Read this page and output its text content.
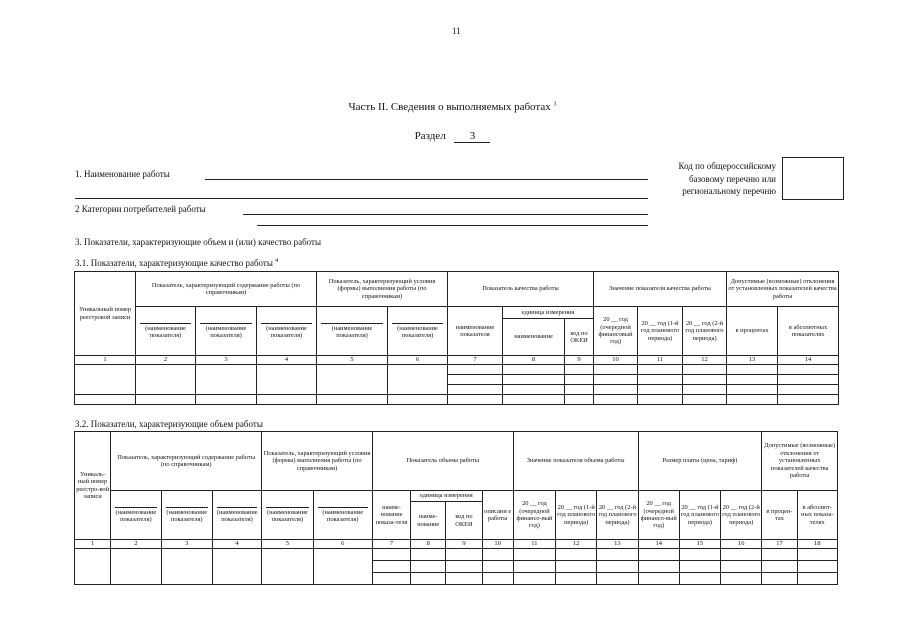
11
Часть II. Сведения о выполняемых работах $^3$
Раздел 3
1. Наименование работы
Код по общероссийскому
базовому перечню или
региональному перечню
2 Категории потребителей работы
3. Показатели, характеризующие объем и (или) качество работы
3.1. Показатели, характеризующие качество работы $^4$
Уникальный номер реестровой записи	Показатель, характеризующий содержание работы (по справочникам)			Показатель, характеризующий условия (формы) выполнения работы (по справочникам)		Показатель качества работы			Значение показателя качества работы			Допустимые (возможные) отклонения от установленных показателей качества работы	

	(наименование показателя)	(наименование показателя)	(наименование показателя)	(наименование показателя)	(наименование показателя)	наименование показателя	единица измерения		20 __ год (очередной финансовый год)	20 __ год (1-й год планового периода)	20 __ год (2-й год планового периода)	в процентах	в абсолютных показателях
							наименование	код по ОКЕИ					
1	2	3	4	5	6	7	8	9	10	11	12	13	14

3.2. Показатели, характеризующие объем работы
Уникаль-ный номер реестро-вой записи	Показатель, характеризующий содержание работы (по справочникам)			Показатель, характеризующий условия (формы) выполнения работы (по справочникам)		Показатель объема работы				Значение показателя объема работы			Размер платы (цена, тариф)			Допустимые (возможные) отклонения от установленных показателей качества работы	

	(наименование показателя)	(наименование показателя)	(наименование показателя)	(наименование показателя)	(наименование показателя)	наиме-нование показа-теля	единица измерения		описани е работы	20 __ год (очередной финансо-вый год)	20 __ год (1-й год планового периода)	20 __ год (2-й год планового периода)	20 __ год (очередной финансо-вый год)	20 __ год (1-й год планового периода)	20 __ год (2-й год планового периода)	в процен-тах	в абсолют-ных показа-телях
							наиме-нование	код по ОКЕИ									
1	2	3	4	5	6	7	8	9	10	11	12	13	14	15	16	17	18
